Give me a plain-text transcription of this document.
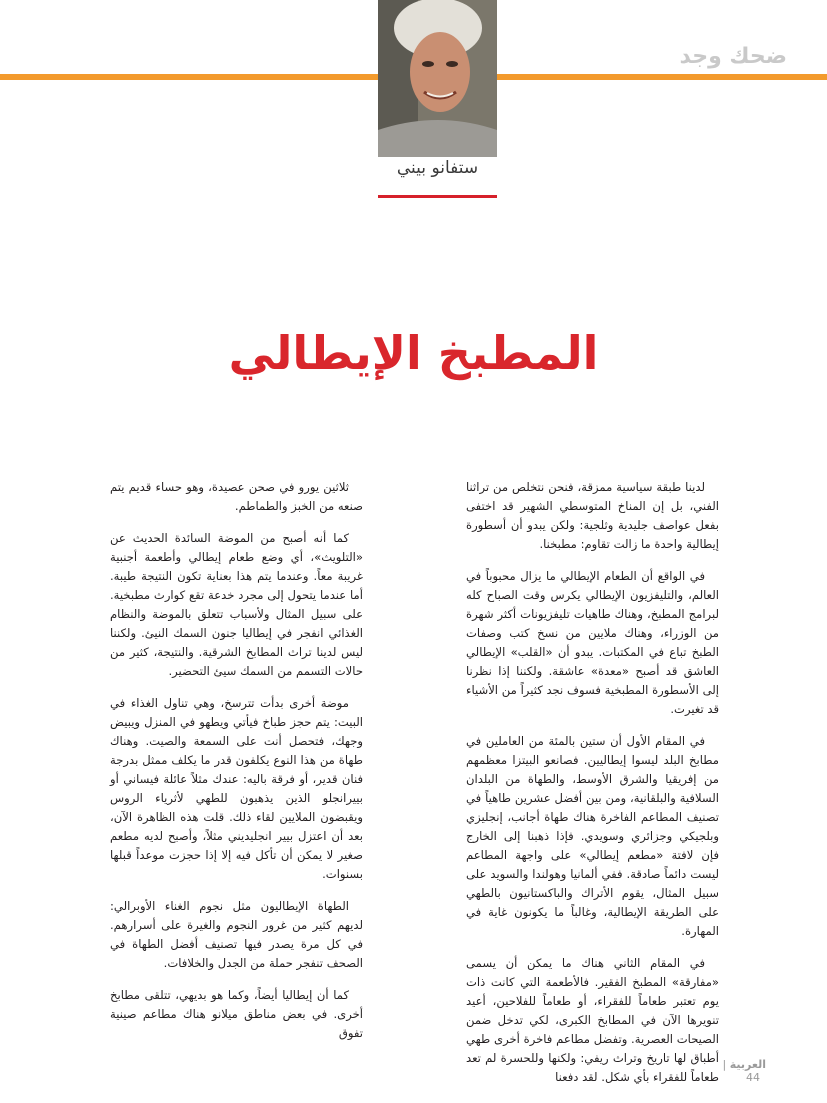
ضحك وجد
ستفانو بيني
المطبخ الإيطالي

لدينا طبقة سياسية ممزقة، فنحن نتخلص من تراثنا الفني، بل إن المناخ المتوسطي الشهير قد اختفى بفعل عواصف جليدية وثلجية: ولكن يبدو أن أسطورة إيطالية واحدة ما زالت تقاوم: مطبخنا.

في الواقع أن الطعام الإيطالي ما يزال محبوباً في العالم، والتليفزيون الإيطالي يكرس وقت الصباح كله لبرامج المطبخ، وهناك طاهيات تليفزيونات أكثر شهرة من الوزراء، وهناك ملايين من نسخ كتب وصفات الطبخ تباع في المكتبات. يبدو أن «القلب» الإيطالي العاشق قد أصبح «معدة» عاشقة. ولكننا إذا نظرنا إلى الأسطورة المطبخية فسوف نجد كثيراً من الأشياء قد تغيرت.

في المقام الأول أن ستين بالمئة من العاملين في مطابخ البلد ليسوا إيطاليين. فصانعو البيتزا معظمهم من إفريقيا والشرق الأوسط، والطهاة من البلدان السلافية والبلقانية، ومن بين أفضل عشرين طاهياً في تصنيف المطاعم الفاخرة هناك طهاة أجانب، إنجليزي وبلجيكي وجزائري وسويدي. فإذا ذهبنا إلى الخارج فإن لافتة «مطعم إيطالي» على واجهة المطاعم ليست دائماً صادقة. ففي ألمانيا وهولندا والسويد على سبيل المثال، يقوم الأتراك والباكستانيون بالطهي على الطريقة الإيطالية، وغالباً ما يكونون غاية في المهارة.

في المقام الثاني هناك ما يمكن أن يسمى «مفارقة» المطبخ الفقير. فالأطعمة التي كانت ذات يوم تعتبر طعاماً للفقراء، أو طعاماً للفلاحين، أعيد تنويرها الآن في المطابخ الكبرى، لكي تدخل ضمن الصيحات العصرية. وتفضل مطاعم فاخرة أخرى طهي أطباق لها تاريخ وتراث ريفي: ولكنها وللحسرة لم تعد طعاماً للفقراء بأي شكل. لقد دفعنا

ثلاثين يورو في صحن عصيدة، وهو حساء قديم يتم صنعه من الخبز والطماطم.

كما أنه أصبح من الموضة السائدة الحديث عن «التلويث»، أي وضع طعام إيطالي وأطعمة أجنبية غريبة معاً. وعندما يتم هذا بعناية تكون النتيجة طيبة. أما عندما يتحول إلى مجرد خدعة تقع كوارث مطبخية. على سبيل المثال ولأسباب تتعلق بالموضة والنظام الغذائي انفجر في إيطاليا جنون السمك النيئ. ولكننا ليس لدينا تراث المطابخ الشرقية. والنتيجة، كثير من حالات التسمم من السمك سيئ التحضير.

موضة أخرى بدأت تترسخ، وهي تناول الغذاء في البيت: يتم حجز طباخ فيأتي ويطهو في المنزل ويبيض وجهك، فتحصل أنت على السمعة والصيت. وهناك طهاة من هذا النوع يكلفون قدر ما يكلف ممثل بدرجة فنان قدير، أو فرقة باليه: عندك مثلاً عائلة فيساني أو بييرانجلو الذين يذهبون للطهي لأثرياء الروس ويقبضون الملايين لقاء ذلك. قلت هذه الظاهرة الآن، بعد أن اعتزل بيير انجليديني مثلاً، وأصبح لديه مطعم صغير لا يمكن أن تأكل فيه إلا إذا حجزت موعداً قبلها بسنوات.

الطهاة الإيطاليون مثل نجوم الغناء الأوبرالي: لديهم كثير من غرور النجوم والغيرة على أسرارهم. في كل مرة يصدر فيها تصنيف أفضل الطهاة في الصحف تنفجر حملة من الجدل والخلافات.

كما أن إيطاليا أيضاً، وكما هو بديهي، تتلقى مطابخ أخرى. في بعض مناطق ميلانو هناك مطاعم صينية تفوق

العربية | 44
